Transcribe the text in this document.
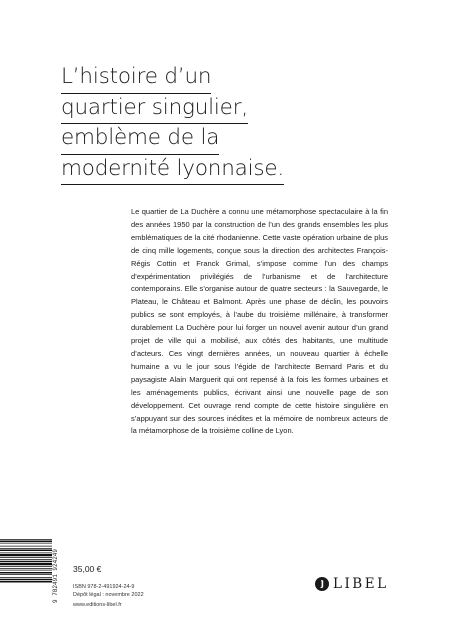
L’histoire d’un
quartier singulier,
emblème de la
modernité lyonnaise.

Le quartier de La Duchère a connu une métamorphose spectaculaire à la fin des années 1950 par la construction de l’un des grands ensembles les plus emblématiques de la cité rhodanienne. Cette vaste opération urbaine de plus de cinq mille logements, conçue sous la direction des architectes François-Régis Cottin et Franck Grimal, s’impose comme l’un des champs d’expérimentation privilégiés de l’urbanisme et de l’architecture contemporains. Elle s’organise autour de quatre secteurs : la Sauvegarde, le Plateau, le Château et Balmont. Après une phase de déclin, les pouvoirs publics se sont employés, à l’aube du troisième millénaire, à transformer durablement La Duchère pour lui forger un nouvel avenir autour d’un grand projet de ville qui a mobilisé, aux côtés des habitants, une multitude d’acteurs. Ces vingt dernières années, un nouveau quartier à échelle humaine a vu le jour sous l’égide de l’architecte Bernard Paris et du paysagiste Alain Marguerit qui ont repensé à la fois les formes urbaines et les aménagements publics, écrivant ainsi une nouvelle page de son développement. Cet ouvrage rend compte de cette histoire singulière en s’appuyant sur des sources inédites et la mémoire de nombreux acteurs de la métamorphose de la troisième colline de Lyon.

9 782491 924249 35,00 €
ISBN 978-2-491924-24-9
Dépôt légal : novembre 2022
www.editions-libel.fr
LIBEL
